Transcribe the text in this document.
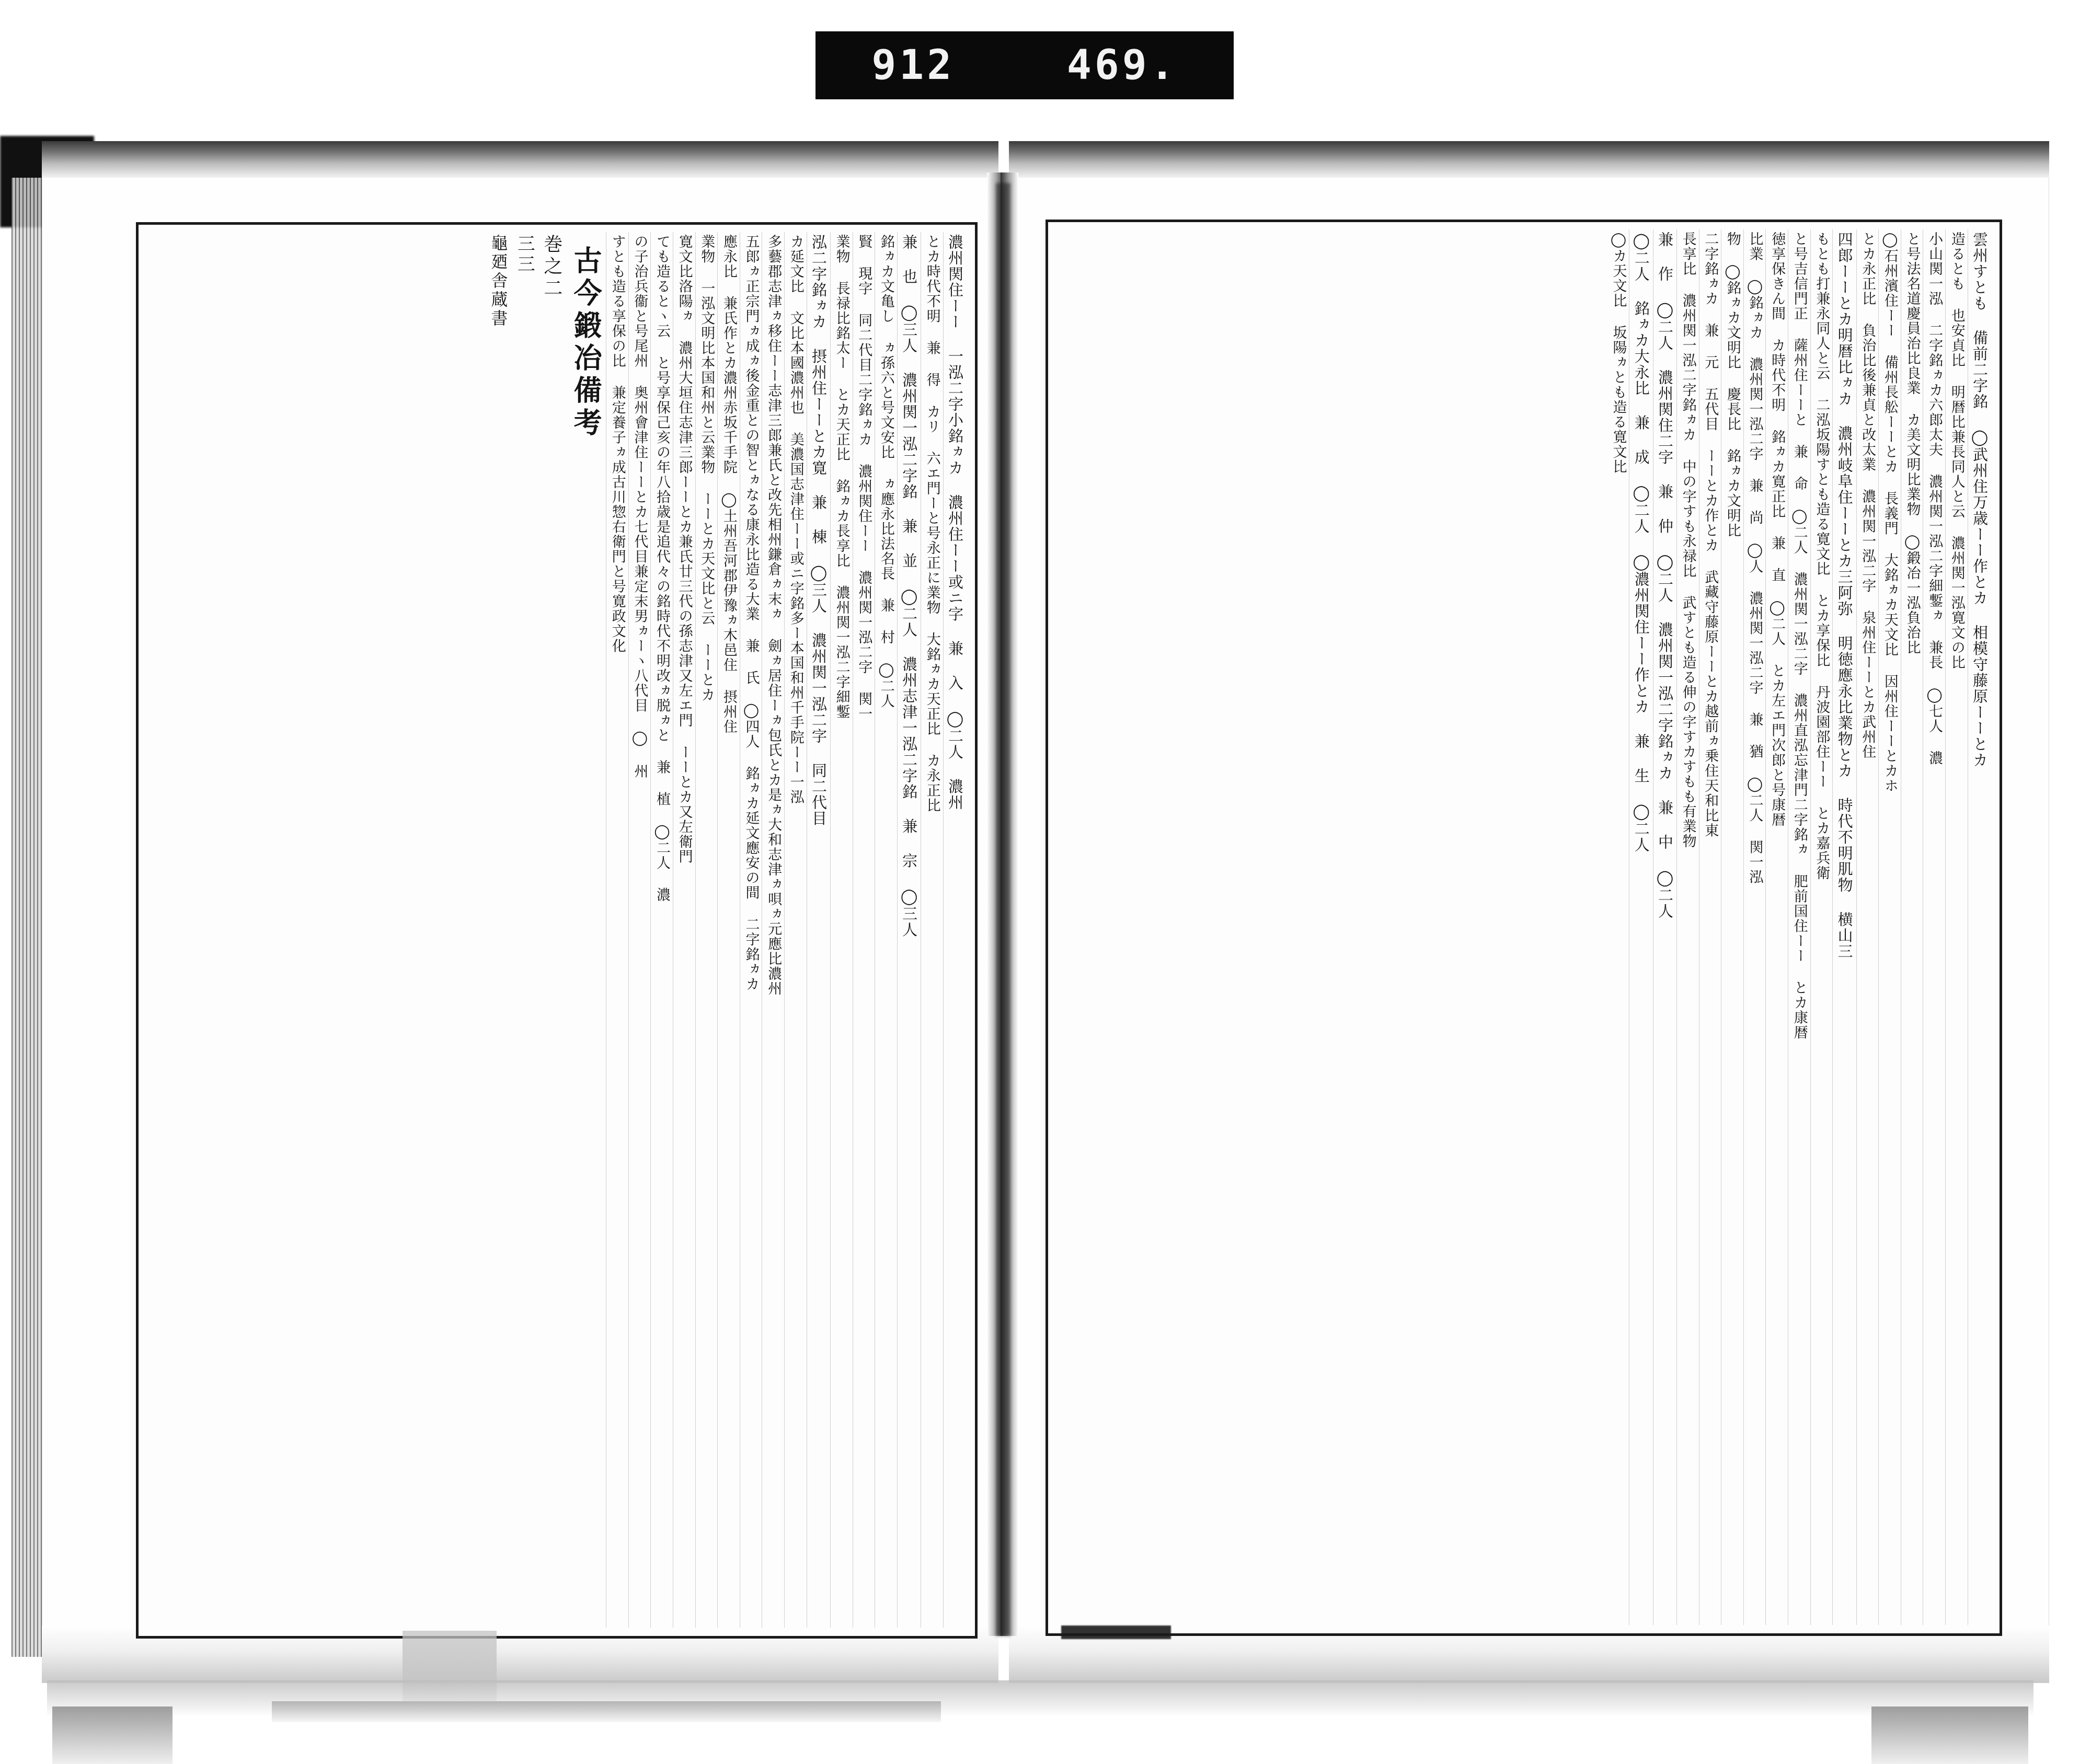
912	469.
濃州関住ーー 一泓二字小銘ヵカ 濃州住ーー或ニ字 兼 入 ◯二人 濃州
とカ時代不明 兼 得 カリ 六エ門ーと号永正に業物 大銘ヵカ天正比 カ永正比
兼 也 ◯三人 濃州関一泓二字銘 兼 並 ◯二人 濃州志津一泓二字銘 兼 宗 ◯三人
銘ヵカ文亀し ヵ孫六と号文安比 ヵ應永比法名長 兼 村 ◯二人
賢 現字 同二代目二字銘ヵカ 濃州関住ーー 濃州関一泓二字 関一
業物 長禄比銘太ー とカ天正比 銘ヵカ長享比 濃州関一泓二字細鏨
泓二字銘ヵカ 摂州住ーーとカ寛 兼 棟 ◯三人 濃州関一泓二字 同二代目
カ延文比 文比本國濃州也 美濃国志津住ーー或ニ字銘多ー本国和州千手院ーー一泓
多藝郡志津ヵ移住ーー志津三郎兼氏と改先相州鎌倉ヵ末ヵ 劍ヵ居住ーヵ包氏とカ是ヵ大和志津ヵ唄ヵ元應比濃州
五郎ヵ正宗門ヵ成ヵ後金重との智とヵなる康永比造る大業 兼 氏 ◯四人 銘ヵカ延文應安の間 二字銘ヵカ
應永比 兼氏作とカ濃州赤坂千手院 ◯土州吾河郡伊豫ヵ木邑住 摂州住
業物 一泓文明比本国和州と云業物 ーーとカ天文比と云 ーーとカ
寛文比洛陽ヵ 濃州大垣住志津三郎ーーとカ兼氏廿三代の孫志津又左エ門 ーーとカ又左衛門
ても造るとヽ云 と号享保己亥の年八拾歳是追代々の銘時代不明改ヵ脱ヵと 兼 植 ◯二人 濃
の子治兵衞と号尾州 奥州會津住ーーとカ七代目兼定末男ヵーヽ八代目 ◯ 州
すとも造る享保の比 兼定養子ヵ成古川惣右衛門と号寛政文化
古今鍛冶備考
巻之二
三三
龜廼舎蔵書	雲州すとも 備前二字銘 ◯武州住万歳ーー作とカ 相模守藤原ーーとカ
造るとも 也安貞比 明暦比兼長同人と云 濃州関一泓寛文の比
小山関一泓 二字銘ヵカ六郎太夫 濃州関一泓二字細鏨ヵ 兼長 ◯七人 濃
と号法名道慶員治比良業 カ美文明比業物 ◯鍛冶一泓負治比
◯石州濱住ーー 備州長舩ーーとカ 長義門 大銘ヵカ天文比 因州住ーーとカホ
とカ永正比 負治比後兼貞と改太業 濃州関一泓二字 泉州住ーーとカ武州住
四郎ーーとカ明暦比ヵカ 濃州岐阜住ーーとカ三阿弥 明徳應永比業物とカ 時代不明肌物 横山三
もとも打兼永同人と云 二泓坂陽すとも造る寛文比 とカ享保比 丹波園部住ーー とカ嘉兵衛
と号吉信門正 薩州住ーーと 兼 命 ◯二人 濃州関一泓二字 濃州直泓忘津門二字銘ヵ 肥前国住ーー とカ康暦
徳享保きん間 カ時代不明 銘ヵカ寛正比 兼 直 ◯二人 とカ左エ門次郎と号康暦
比業 ◯銘ヵカ 濃州関一泓二字 兼 尚 ◯人 濃州関一泓二字 兼 猶 ◯二人 関一泓
物 ◯銘ヵカ文明比 慶長比 銘ヵカ文明比
二字銘ヵカ 兼 元 五代目 ーーとカ作とカ 武藏守藤原ーーとカ越前ヵ乗住天和比東
長享比 濃州関一泓二字銘ヵカ 中の字すも永禄比 武すとも造る伸の字すカすもも有業物
兼 作 ◯二人 濃州関住二字 兼 仲 ◯二人 濃州関一泓二字銘ヵカ 兼 中 ◯二人
◯二人 銘ヵカ大永比 兼 成 ◯二人 ◯濃州関住ーー作とカ 兼 生 ◯二人
◯カ天文比 坂陽ヵとも造る寛文比
